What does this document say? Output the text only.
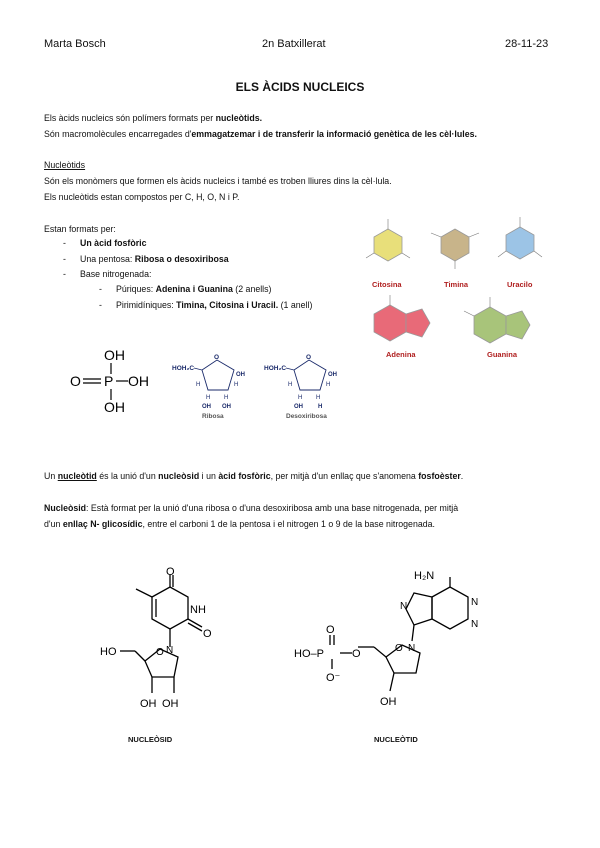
Marta Bosch	2n Batxillerat	28-11-23
ELS ÀCIDS NUCLEICS
Els àcids nucleics són polímers formats per nucleòtids.
Són macromolècules encarregades d'emmagatzemar i de transferir la informació genètica de les cèl·lules.
Nucleòtids
Són els monòmers que formen els àcids nucleics i també es troben lliures dins la cèl·lula.
Els nucleòtids estan compostos per C, H, O, N i P.
Estan formats per:
- Un àcid fosfòric
- Una pentosa: Ribosa o desoxiribosa
- Base nitrogenada:
- Púriques: Adenina i Guanina (2 anells)
- Pirimidíniques: Timina, Citosina i Uracil. (1 anell)
Citosina	Timina	Uracilo
Adenina	Guanina
OH
O P OH
OH
HOH₂C
O
H	H
H H
OH OH
OH
Ribosa
HOH₂C
O
H	H
H H
OH	H
OH
Desoxiribosa
Un nucleòtid és la unió d'un nucleòsid i un àcid fosfòric, per mitjà d'un enllaç que s'anomena fosfoèster.
Nucleòsid: Està format per la unió d'una ribosa o d'una desoxiribosa amb una base nitrogenada, per mitjà
d'un enllaç N- glicosídic, entre el carboni 1 de la pentosa i el nitrogen 1 o 9 de la base nitrogenada.
O
NH
O
N
O
HO
OH OH
NUCLEÒSID
H₂N
N
N
N
N
O
O
HO–P	O
O⁻
OH
NUCLEÒTID
